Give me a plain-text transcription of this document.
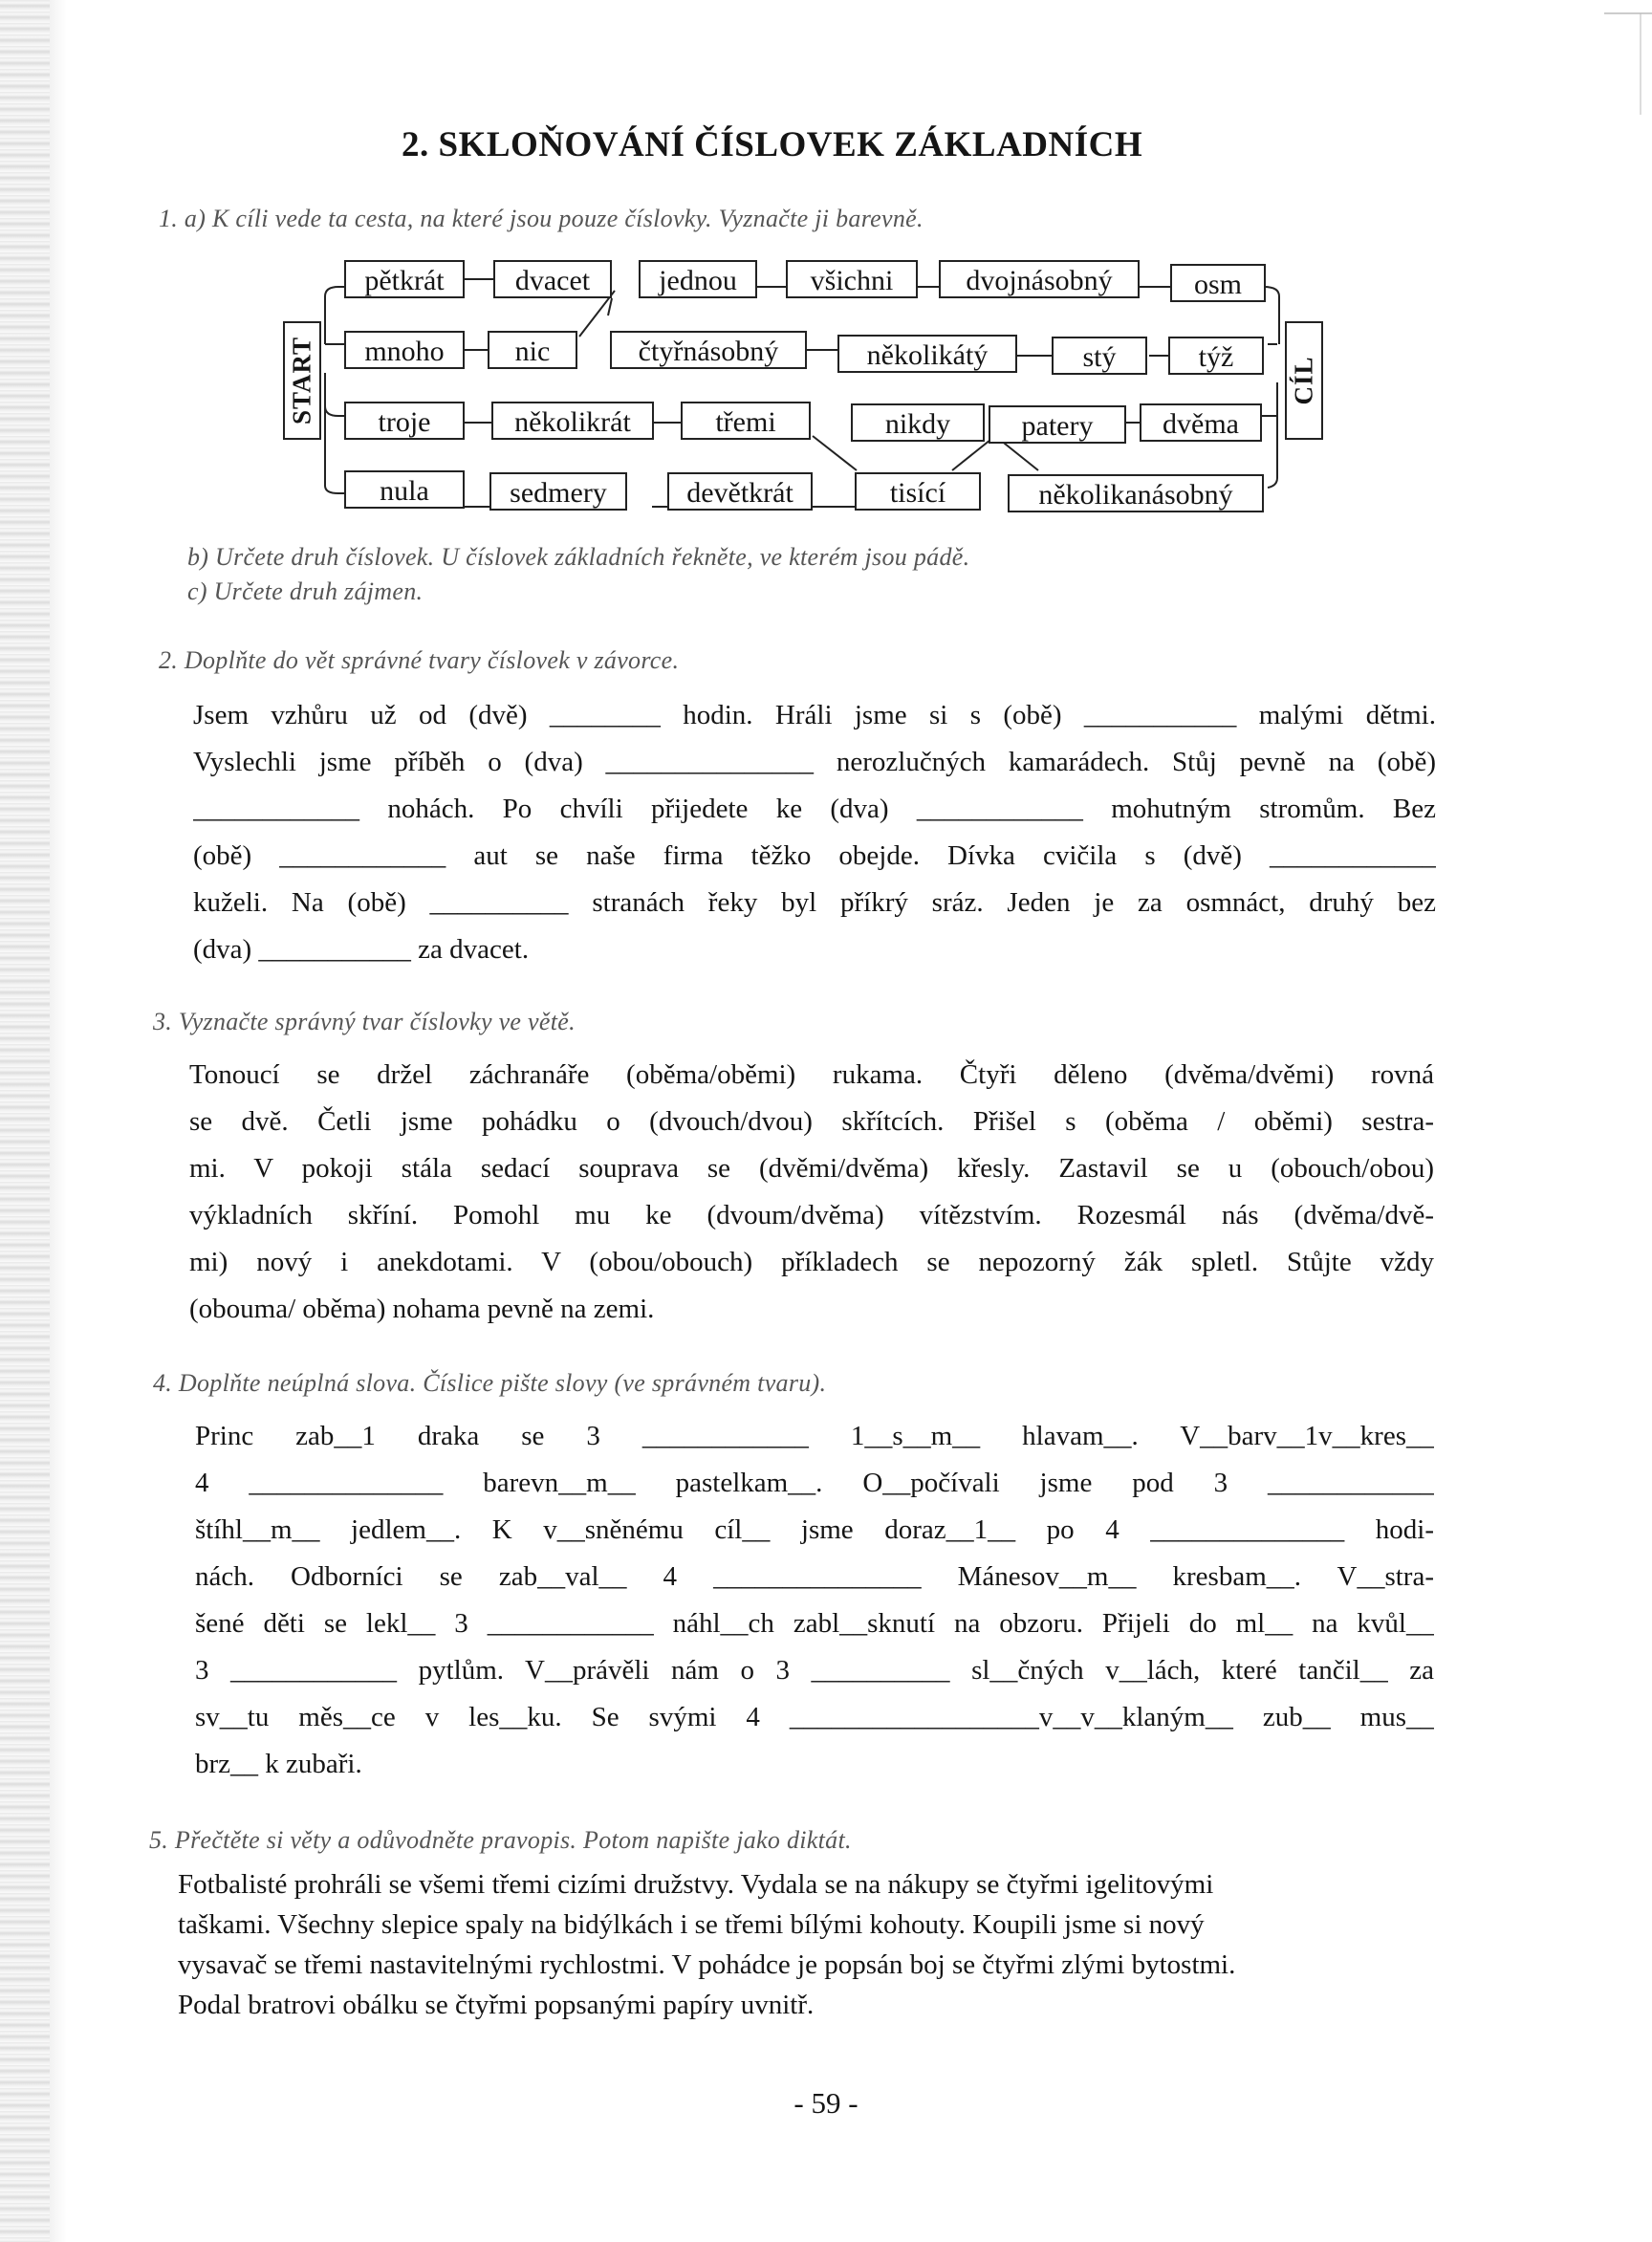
2. SKLOŇOVÁNÍ ČÍSLOVEK ZÁKLADNÍCH
1. a) K cíli vede ta cesta, na které jsou pouze číslovky. Vyznačte ji barevně.
START	CÍL
pětkrát	dvacet	jednou	všichni	dvojnásobný	osm
mnoho	nic	čtyřnásobný	několikátý	stý	týž
troje	několikrát	třemi	nikdy	patery	dvěma
nula	sedmery	devětkrát	tisící	několikanásobný
b) Určete druh číslovek. U číslovek základních řekněte, ve kterém jsou pádě.
c) Určete druh zájmen.
2. Doplňte do vět správné tvary číslovek v závorce.
Jsem vzhůru už od (dvě) ________ hodin. Hráli jsme si s (obě) ___________ malými dětmi.
Vyslechli jsme příběh o (dva) _______________ nerozlučných kamarádech. Stůj pevně na (obě)
____________ nohách. Po chvíli přijedete ke (dva) ____________ mohutným stromům. Bez
(obě) ____________ aut se naše firma těžko obejde. Dívka cvičila s (dvě) ____________
kuželi. Na (obě) __________ stranách řeky byl příkrý sráz. Jeden je za osmnáct, druhý bez
(dva) ___________ za dvacet.
3. Vyznačte správný tvar číslovky ve větě.
Tonoucí se držel záchranáře (oběma/oběmi) rukama. Čtyři děleno (dvěma/dvěmi) rovná
se dvě. Četli jsme pohádku o (dvouch/dvou) skřítcích. Přišel s (oběma / oběmi) sestra-
mi. V pokoji stála sedací souprava se (dvěmi/dvěma) křesly. Zastavil se u (obouch/obou)
výkladních skříní. Pomohl mu ke (dvoum/dvěma) vítězstvím. Rozesmál nás (dvěma/dvě-
mi) nový i anekdotami. V (obou/obouch) příkladech se nepozorný žák spletl. Stůjte vždy
(obouma/ oběma) nohama pevně na zemi.
4. Doplňte neúplná slova. Číslice pište slovy (ve správném tvaru).
Princ zab__1 draka se 3 ____________ 1__s__m__ hlavam__. V__barv__1v__kres__
4 ______________ barevn__m__ pastelkam__. O__počívali jsme pod 3 ____________
štíhl__m__ jedlem__. K v__sněnému cíl__ jsme doraz__1__ po 4 ______________ hodi-
nách. Odborníci se zab__val__ 4 _______________ Mánesov__m__ kresbam__. V__stra-
šené děti se lekl__ 3 ____________ náhl__ch zabl__sknutí na obzoru. Přijeli do ml__ na kvůl__
3 ____________ pytlům. V__právěli nám o 3 __________ sl__čných v__lách, které tančil__ za
sv__tu měs__ce v les__ku. Se svými 4 __________________v__v__klaným__ zub__ mus__
brz__ k zubaři.
5. Přečtěte si věty a odůvodněte pravopis. Potom napište jako diktát.
Fotbalisté prohráli se všemi třemi cizími družstvy. Vydala se na nákupy se čtyřmi igelitovými
taškami. Všechny slepice spaly na bidýlkách i se třemi bílými kohouty. Koupili jsme si nový
vysavač se třemi nastavitelnými rychlostmi. V pohádce je popsán boj se čtyřmi zlými bytostmi.
Podal bratrovi obálku se čtyřmi popsanými papíry uvnitř.
- 59 -
